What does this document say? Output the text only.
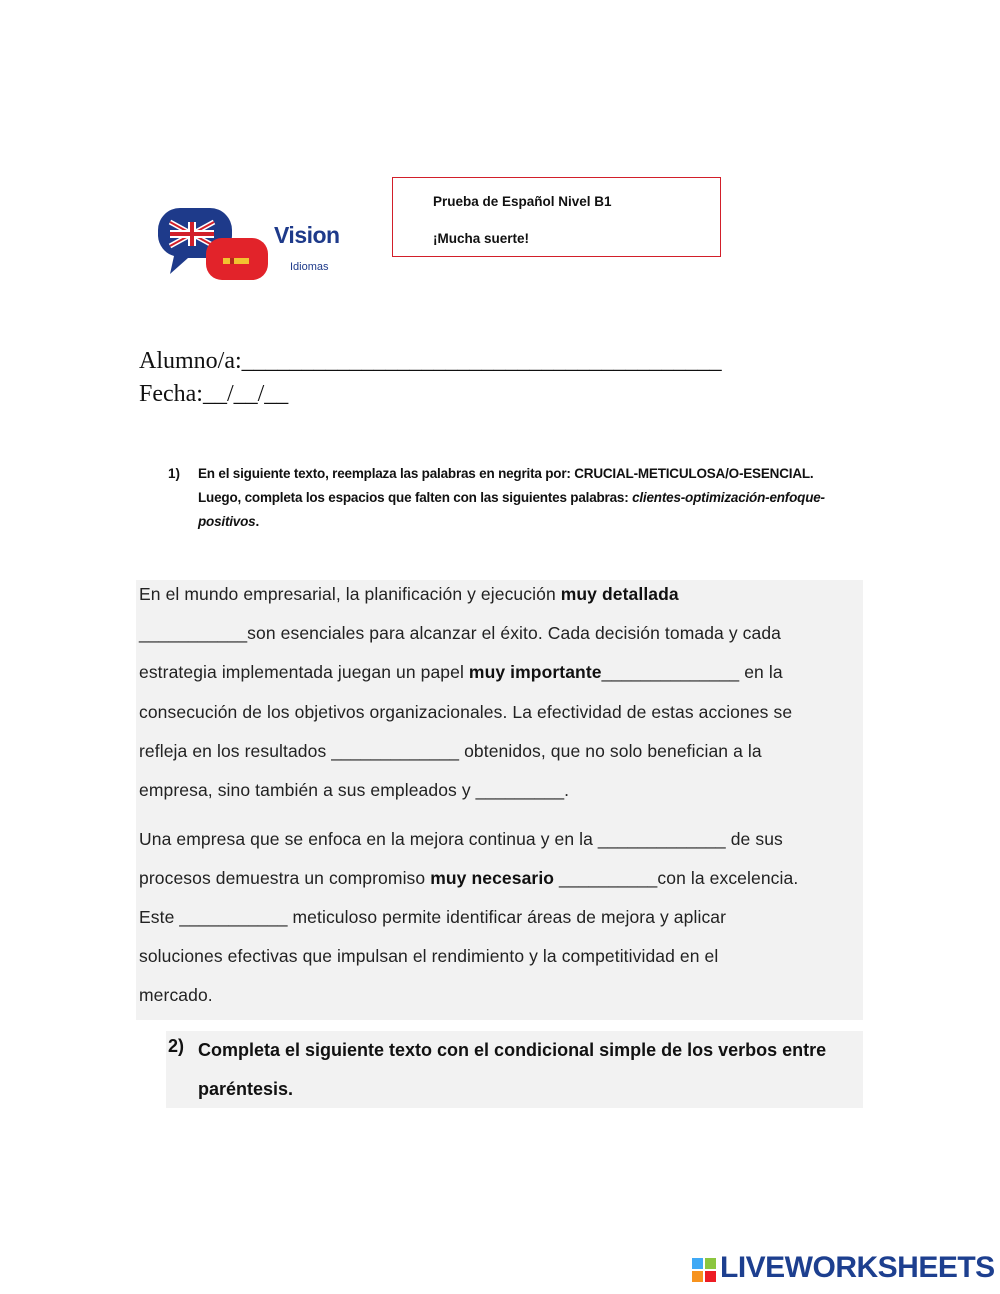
Vision
Idiomas
Prueba de Español Nivel B1
¡Mucha suerte!
Alumno/a:________________________________________
Fecha:__/__/__
1) En el siguiente texto, reemplaza las palabras en negrita por: CRUCIAL-METICULOSA/O-ESENCIAL.
Luego, completa los espacios que falten con las siguientes palabras: clientes-optimización-enfoque- positivos.
En el mundo empresarial, la planificación y ejecución muy detallada
___________son esenciales para alcanzar el éxito. Cada decisión tomada y cada
estrategia implementada juegan un papel muy importante______________ en la
consecución de los objetivos organizacionales. La efectividad de estas acciones se
refleja en los resultados _____________ obtenidos, que no solo benefician a la
empresa, sino también a sus empleados y _________.
Una empresa que se enfoca en la mejora continua y en la _____________ de sus
procesos demuestra un compromiso muy necesario __________con la excelencia.
Este ___________ meticuloso permite identificar áreas de mejora y aplicar
soluciones efectivas que impulsan el rendimiento y la competitividad en el
mercado.
2) Completa el siguiente texto con el condicional simple de los verbos entre paréntesis.
LIVEWORKSHEETS
